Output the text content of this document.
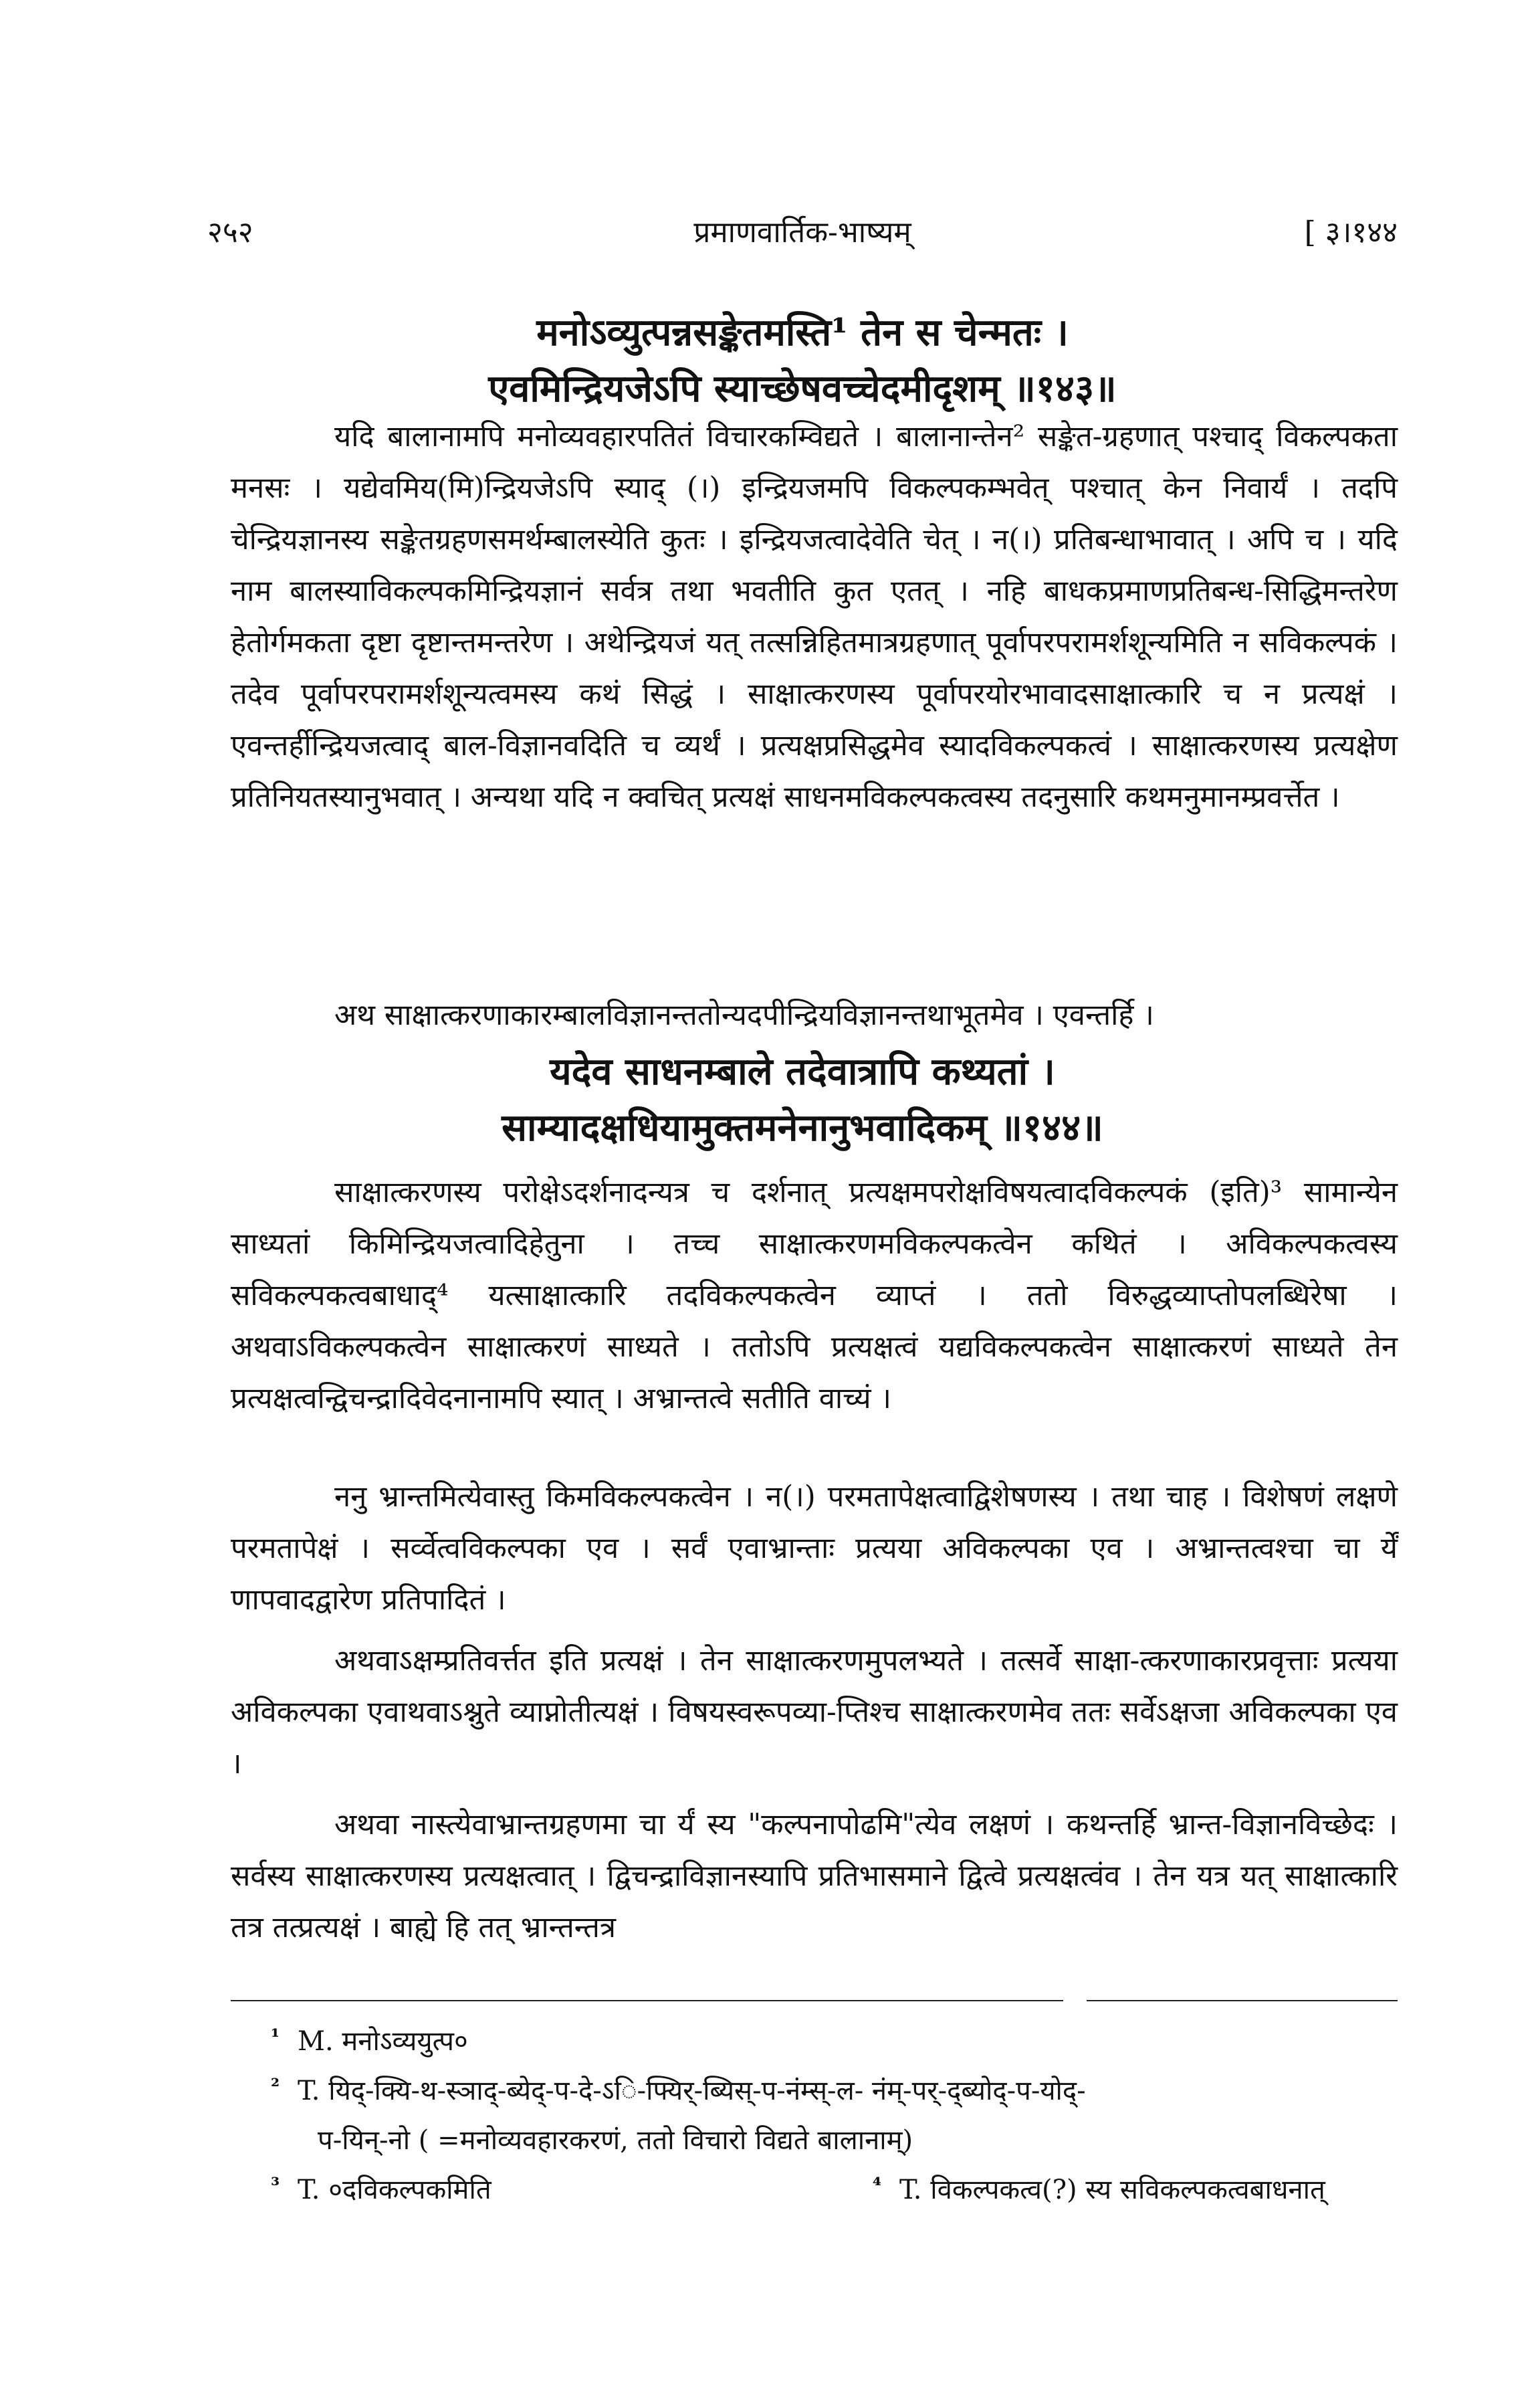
२५२	प्रमाणवार्तिक-भाष्यम्	[ ३।१४४
मनोऽव्युत्पन्नसङ्केतमस्ति¹ तेन स चेन्मतः ।
एवमिन्द्रियजेऽपि स्याच्छेषवच्चेदमीदृशम् ॥१४३॥
यदि बालानामपि मनोव्यवहारपतितं विचारकम्विद्यते । बालानान्तेन² सङ्केत-ग्रहणात् पश्चाद् विकल्पकता मनसः । यद्येवमिय(मि)न्द्रियजेऽपि स्याद् (।) इन्द्रियजमपि विकल्पकम्भवेत् पश्चात् केन निवार्यं । तदपि चेन्द्रियज्ञानस्य सङ्केतग्रहणसमर्थम्बालस्येति कुतः । इन्द्रियजत्वादेवेति चेत् । न(।) प्रतिबन्धाभावात् । अपि च । यदि नाम बालस्याविकल्पकमिन्द्रियज्ञानं सर्वत्र तथा भवतीति कुत एतत् । नहि बाधकप्रमाणप्रतिबन्ध-सिद्धिमन्तरेण हेतोर्गमकता दृष्टा दृष्टान्तमन्तरेण । अथेन्द्रियजं यत् तत्सन्निहितमात्रग्रहणात् पूर्वापरपरामर्शशून्यमिति न सविकल्पकं । तदेव पूर्वापरपरामर्शशून्यत्वमस्य कथं सिद्धं । साक्षात्करणस्य पूर्वापरयोरभावादसाक्षात्कारि च न प्रत्यक्षं । एवन्तर्हीन्द्रियजत्वाद् बाल-विज्ञानवदिति च व्यर्थं । प्रत्यक्षप्रसिद्धमेव स्यादविकल्पकत्वं । साक्षात्करणस्य प्रत्यक्षेण प्रतिनियतस्यानुभवात् । अन्यथा यदि न क्वचित् प्रत्यक्षं साधनमविकल्पकत्वस्य तदनुसारि कथमनुमानम्प्रवर्त्तेत ।
अथ साक्षात्करणाकारम्बालविज्ञानन्ततोन्यदपीन्द्रियविज्ञानन्तथाभूतमेव । एवन्तर्हि ।
यदेव साधनम्बाले तदेवात्रापि कथ्यतां ।
साम्यादक्षधियामुक्तमनेनानुभवादिकम् ॥१४४॥
साक्षात्करणस्य परोक्षेऽदर्शनादन्यत्र च दर्शनात् प्रत्यक्षमपरोक्षविषयत्वादविकल्पकं (इति)³ सामान्येन साध्यतां किमिन्द्रियजत्वादिहेतुना । तच्च साक्षात्करणमविकल्पकत्वेन कथितं । अविकल्पकत्वस्य सविकल्पकत्वबाधाद्⁴ यत्साक्षात्कारि तदविकल्पकत्वेन व्याप्तं । ततो विरुद्धव्याप्तोपलब्धिरेषा । अथवाऽविकल्पकत्वेन साक्षात्करणं साध्यते । ततोऽपि प्रत्यक्षत्वं यद्यविकल्पकत्वेन साक्षात्करणं साध्यते तेन प्रत्यक्षत्वन्द्विचन्द्रादिवेदनानामपि स्यात् । अभ्रान्तत्वे सतीति वाच्यं ।
ननु भ्रान्तमित्येवास्तु किमविकल्पकत्वेन । न(।) परमतापेक्षत्वाद्विशेषणस्य । तथा चाह । विशेषणं लक्षणे परमतापेक्षं । सर्व्वेत्वविकल्पका एव । सर्वं एवाभ्रान्ताः प्रत्यया अविकल्पका एव । अभ्रान्तत्वश्चा चा र्यें णापवादद्वारेण प्रतिपादितं ।
अथवाऽक्षम्प्रतिवर्त्तत इति प्रत्यक्षं । तेन साक्षात्करणमुपलभ्यते । तत्सर्वे साक्षा-त्करणाकारप्रवृत्ताः प्रत्यया अविकल्पका एवाथवाऽश्नुते व्याप्नोतीत्यक्षं । विषयस्वरूपव्या-प्तिश्च साक्षात्करणमेव ततः सर्वेऽक्षजा अविकल्पका एव ।
अथवा नास्त्येवाभ्रान्तग्रहणमा चा र्यं स्य "कल्पनापोढमि"त्येव लक्षणं । कथन्तर्हि भ्रान्त-विज्ञानविच्छेदः । सर्वस्य साक्षात्करणस्य प्रत्यक्षत्वात् । द्विचन्द्राविज्ञानस्यापि प्रतिभासमाने द्वित्वे प्रत्यक्षत्वंव । तेन यत्र यत् साक्षात्कारि तत्र तत्प्रत्यक्षं । बाह्ये हि तत् भ्रान्तन्तत्र
¹ M. मनोऽव्ययुत्प०
² T. यिद्-क्यि-थ-स्ञाद्-ब्येद्-प-दे-ऽि-फ्यिर्-ब्यिस्-प-नंम्स्-ल- नंम्-पर्-द्ब्योद्-प-योद्-
प-यिन्-नो ( =मनोव्यवहारकरणं, ततो विचारो विद्यते बालानाम्)
³ T. ०दविकल्पकमिति	⁴ T. विकल्पकत्व(?) स्य सविकल्पकत्वबाधनात्
